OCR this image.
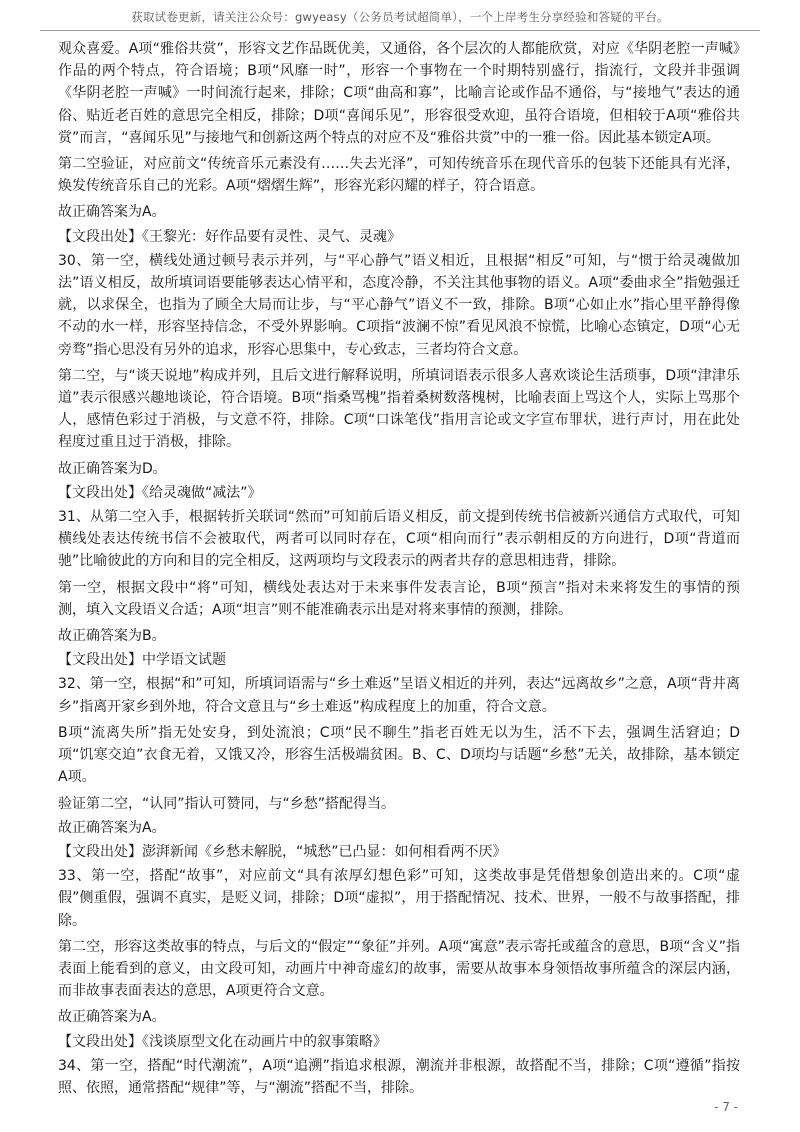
获取试卷更新，请关注公众号：gwyeasy（公务员考试超简单），一个上岸考生分享经验和答疑的平台。

观众喜爱。A项“雅俗共赏”，形容文艺作品既优美，又通俗，各个层次的人都能欣赏，对应《华阴老腔一声喊》作品的两个特点，符合语境；B项“风靡一时”，形容一个事物在一个时期特别盛行，指流行，文段并非强调《华阴老腔一声喊》一时间流行起来，排除；C项“曲高和寡”，比喻言论或作品不通俗，与“接地气”表达的通俗、贴近老百姓的意思完全相反，排除；D项“喜闻乐见”，形容很受欢迎，虽符合语境，但相较于A项“雅俗共赏”而言，“喜闻乐见”与接地气和创新这两个特点的对应不及“雅俗共赏”中的一雅一俗。因此基本锁定A项。

第二空验证，对应前文“传统音乐元素没有……失去光泽”，可知传统音乐在现代音乐的包装下还能具有光泽，焕发传统音乐自己的光彩。A项“熠熠生辉”，形容光彩闪耀的样子，符合语意。

故正确答案为A。

【文段出处】《王黎光：好作品要有灵性、灵气、灵魂》

30、第一空，横线处通过顿号表示并列，与“平心静气”语义相近，且根据“相反”可知，与“惯于给灵魂做加法”语义相反，故所填词语要能够表达心情平和，态度冷静，不关注其他事物的语义。A项“委曲求全”指勉强迁就，以求保全，也指为了顾全大局而让步，与“平心静气”语义不一致，排除。B项“心如止水”指心里平静得像不动的水一样，形容坚持信念，不受外界影响。C项指“波澜不惊”看见风浪不惊慌，比喻心态镇定，D项“心无旁骛”指心思没有另外的追求，形容心思集中，专心致志，三者均符合文意。

第二空，与“谈天说地”构成并列，且后文进行解释说明，所填词语表示很多人喜欢谈论生活琐事，D项“津津乐道”表示很感兴趣地谈论，符合语境。B项“指桑骂槐”指着桑树数落槐树，比喻表面上骂这个人，实际上骂那个人，感情色彩过于消极，与文意不符，排除。C项“口诛笔伐”指用言论或文字宣布罪状，进行声讨，用在此处程度过重且过于消极，排除。

故正确答案为D。

【文段出处】《给灵魂做“减法”》

31、从第二空入手，根据转折关联词“然而”可知前后语义相反，前文提到传统书信被新兴通信方式取代，可知横线处表达传统书信不会被取代，两者可以同时存在，C项“相向而行”表示朝相反的方向进行，D项“背道而驰”比喻彼此的方向和目的完全相反，这两项均与文段表示的两者共存的意思相违背，排除。

第一空，根据文段中“将”可知，横线处表达对于未来事件发表言论，B项“预言”指对未来将发生的事情的预测，填入文段语义合适；A项“坦言”则不能准确表示出是对将来事情的预测，排除。

故正确答案为B。

【文段出处】中学语文试题

32、第一空，根据“和”可知，所填词语需与“乡土难返”呈语义相近的并列，表达“远离故乡”之意，A项“背井离乡”指离开家乡到外地，符合文意且与“乡土难返”构成程度上的加重，符合文意。

B项“流离失所”指无处安身，到处流浪；C项“民不聊生”指老百姓无以为生，活不下去，强调生活窘迫；D项“饥寒交迫”衣食无着，又饿又冷，形容生活极端贫困。B、C、D项均与话题“乡愁”无关，故排除，基本锁定A项。

验证第二空，“认同”指认可赞同，与“乡愁”搭配得当。

故正确答案为A。

【文段出处】澎湃新闻《乡愁未解脱，“城愁”已凸显：如何相看两不厌》

33、第一空，搭配“故事”，对应前文“具有浓厚幻想色彩”可知，这类故事是凭借想象创造出来的。C项“虚假”侧重假，强调不真实，是贬义词，排除；D项“虚拟”，用于搭配情况、技术、世界，一般不与故事搭配，排除。

第二空，形容这类故事的特点，与后文的“假定”“象征”并列。A项“寓意”表示寄托或蕴含的意思，B项“含义”指表面上能看到的意义，由文段可知，动画片中神奇虚幻的故事，需要从故事本身领悟故事所蕴含的深层内涵，而非故事表面表达的意思，A项更符合文意。

故正确答案为A。

【文段出处】《浅谈原型文化在动画片中的叙事策略》

34、第一空，搭配“时代潮流”，A项“追溯”指追求根源，潮流并非根源，故搭配不当，排除；C项“遵循”指按照、依照，通常搭配“规律”等，与“潮流”搭配不当，排除。

- 7 -
